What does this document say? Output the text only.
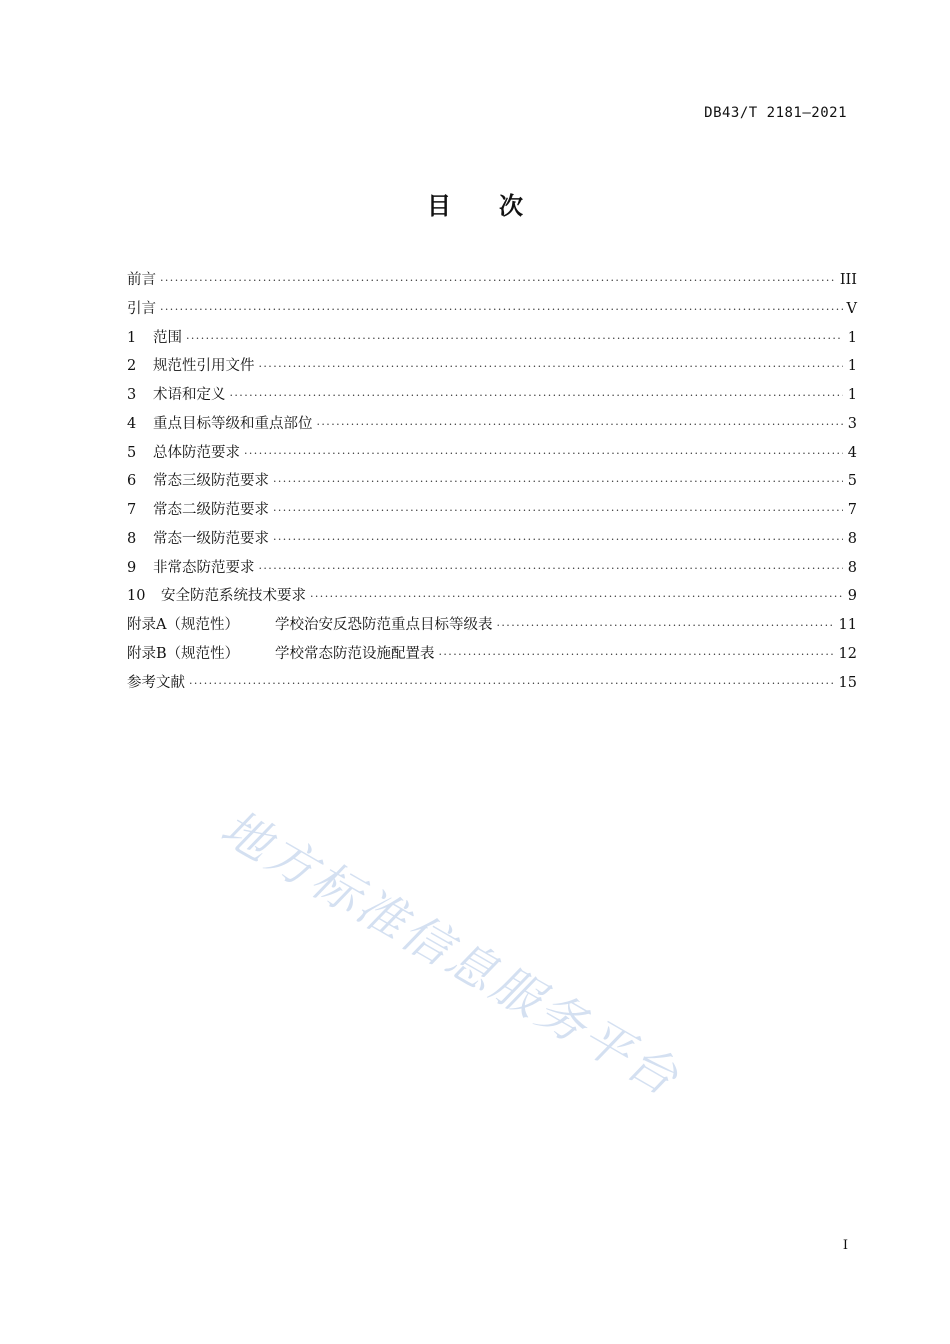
DB43/T 2181—2021
目 次
前言 ·····	III
引言 ·····	V
1	范围 ·····	1
2	规范性引用文件 ·····	1
3	术语和定义 ·····	1
4	重点目标等级和重点部位 ·····	3
5	总体防范要求 ·····	4
6	常态三级防范要求 ·····	5
7	常态二级防范要求 ·····	7
8	常态一级防范要求 ·····	8
9	非常态防范要求 ·····	8
10	安全防范系统技术要求 ·····	9
附录A（规范性）	学校治安反恐防范重点目标等级表 ·····	11
附录B（规范性）	学校常态防范设施配置表 ·····	12
参考文献 ·····	15
地方标准信息服务平台
I
